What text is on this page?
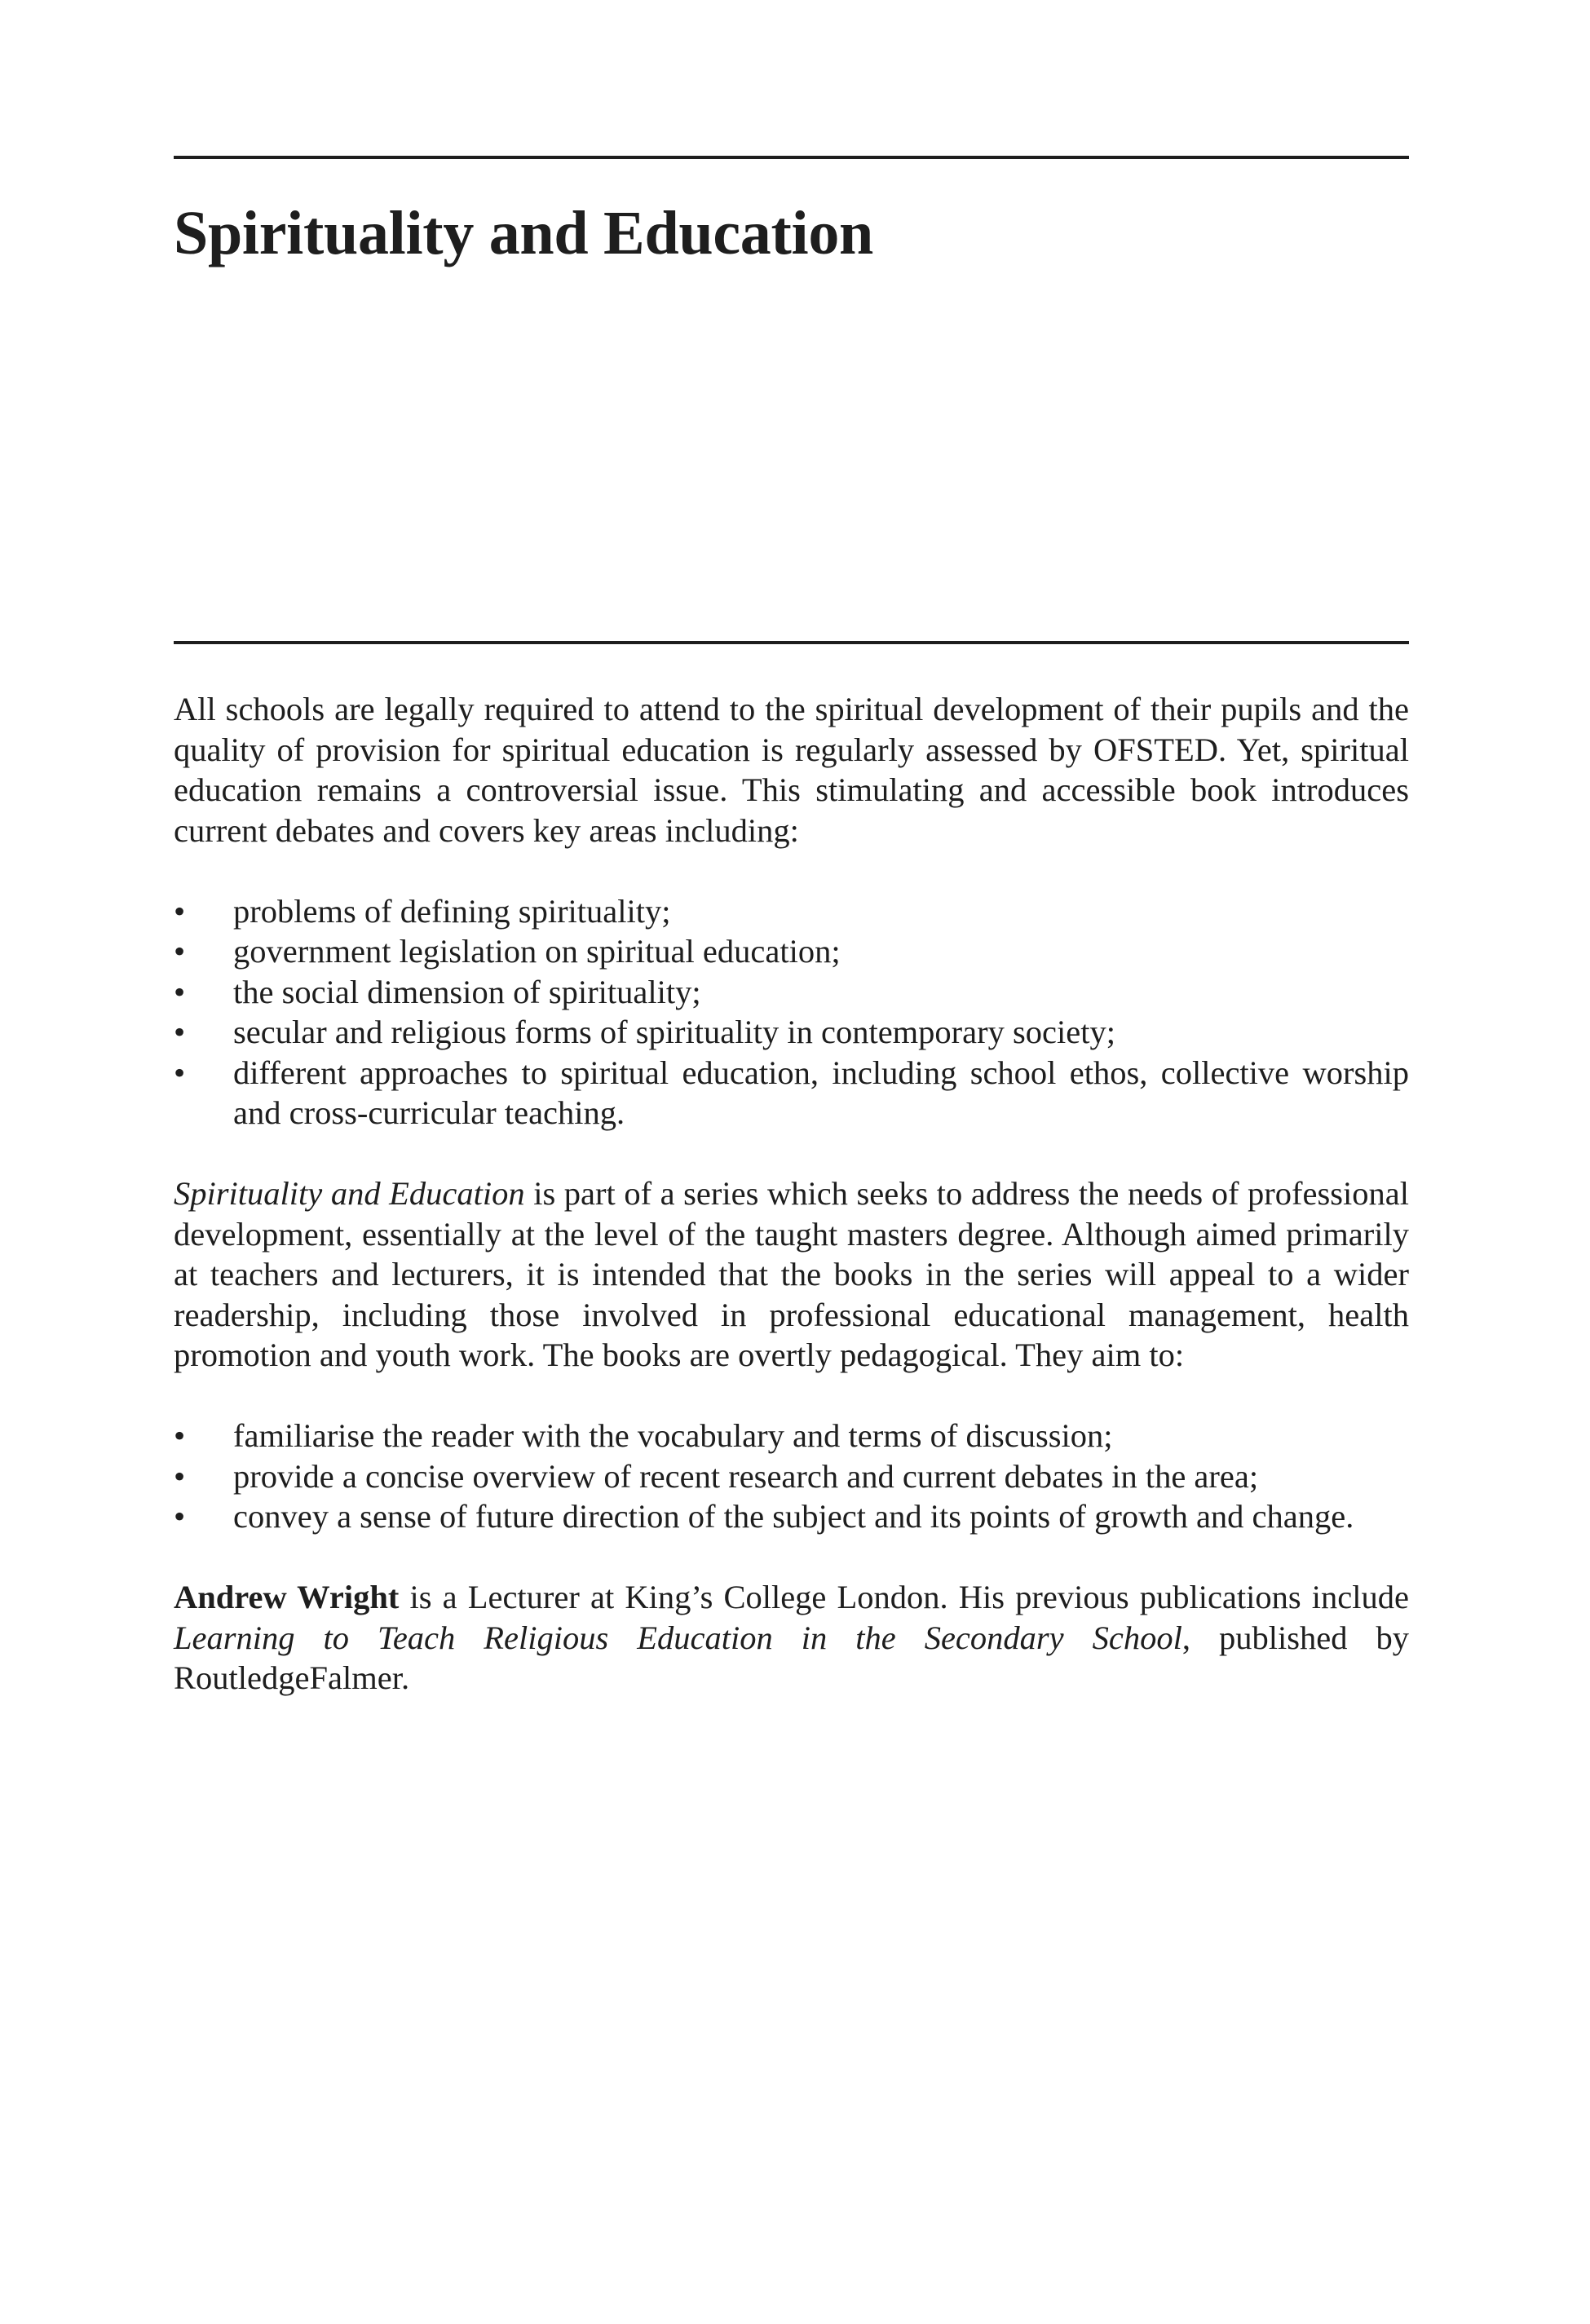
Spirituality and Education

All schools are legally required to attend to the spiritual development of their pupils and the quality of provision for spiritual education is regularly assessed by OFSTED. Yet, spiritual education remains a controversial issue. This stimulating and accessible book introduces current debates and covers key areas including:

• problems of defining spirituality;
• government legislation on spiritual education;
• the social dimension of spirituality;
• secular and religious forms of spirituality in contemporary society;
• different approaches to spiritual education, including school ethos, collective worship and cross-curricular teaching.

Spirituality and Education is part of a series which seeks to address the needs of professional development, essentially at the level of the taught masters degree. Although aimed primarily at teachers and lecturers, it is intended that the books in the series will appeal to a wider readership, including those involved in professional educational management, health promotion and youth work. The books are overtly pedagogical. They aim to:

• familiarise the reader with the vocabulary and terms of discussion;
• provide a concise overview of recent research and current debates in the area;
• convey a sense of future direction of the subject and its points of growth and change.

Andrew Wright is a Lecturer at King’s College London. His previous publications include Learning to Teach Religious Education in the Secondary School, published by RoutledgeFalmer.
